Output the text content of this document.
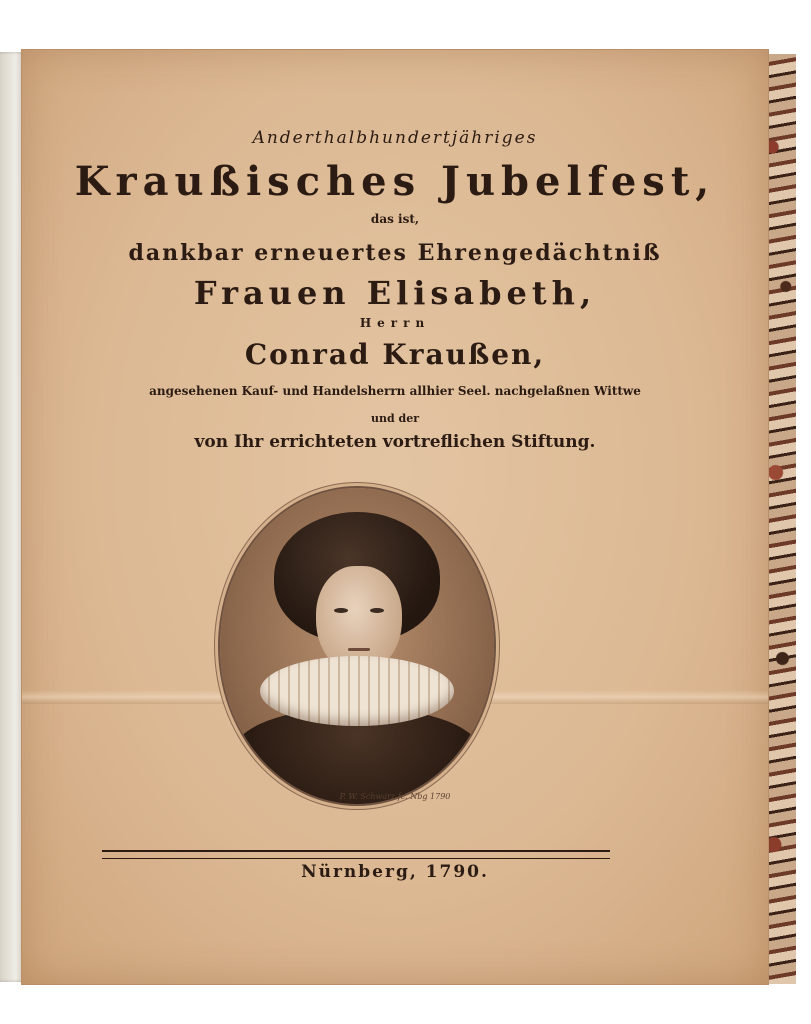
Anderthalbhundertjähriges
Kraußisches Jubelfest,
das ist,
dankbar erneuertes Ehrengedächtniß
Frauen Elisabeth,
Herrn
Conrad Kraußen,
angesehenen Kauf- und Handelsherrn allhier Seel. nachgelaßnen Wittwe
und der
von Ihr errichteten vortreflichen Stiftung.
P. W. Schwarz fc. Nbg 1790
Nürnberg, 1790.
